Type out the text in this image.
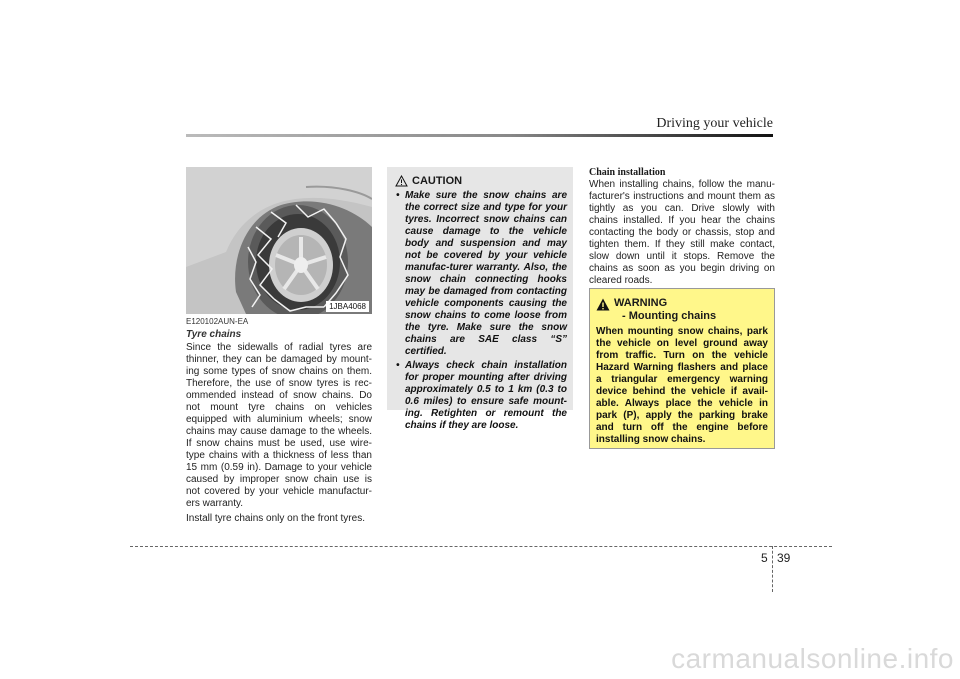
Driving your vehicle
1JBA4068

E120102AUN-EA

Tyre chains

Since the sidewalls of radial tyres are thinner, they can be damaged by mount-ing some types of snow chains on them. Therefore, the use of snow tyres is rec-ommended instead of snow chains. Do not mount tyre chains on vehicles equipped with aluminium wheels; snow chains may cause damage to the wheels. If snow chains must be used, use wire-type chains with a thickness of less than 15 mm (0.59 in). Damage to your vehicle caused by improper snow chain use is not covered by your vehicle manufactur-ers warranty.

Install tyre chains only on the front tyres.

CAUTION
• Make sure the snow chains are the correct size and type for your tyres. Incorrect snow chains can cause damage to the vehicle body and suspension and may not be covered by your vehicle manufac-turer warranty. Also, the snow chain connecting hooks may be damaged from contacting vehicle components causing the snow chains to come loose from the tyre. Make sure the snow chains are SAE class “S” certified.
• Always check chain installation for proper mounting after driving approximately 0.5 to 1 km (0.3 to 0.6 miles) to ensure safe mount-ing. Retighten or remount the chains if they are loose.

Chain installation

When installing chains, follow the manu-facturer's instructions and mount them as tightly as you can. Drive slowly with chains installed. If you hear the chains contacting the body or chassis, stop and tighten them. If they still make contact, slow down until it stops. Remove the chains as soon as you begin driving on cleared roads.

WARNING
- Mounting chains

When mounting snow chains, park the vehicle on level ground away from traffic. Turn on the vehicle Hazard Warning flashers and place a triangular emergency warning device behind the vehicle if avail-able. Always place the vehicle in park (P), apply the parking brake and turn off the engine before installing snow chains.

5 39
carmanualsonline.info
